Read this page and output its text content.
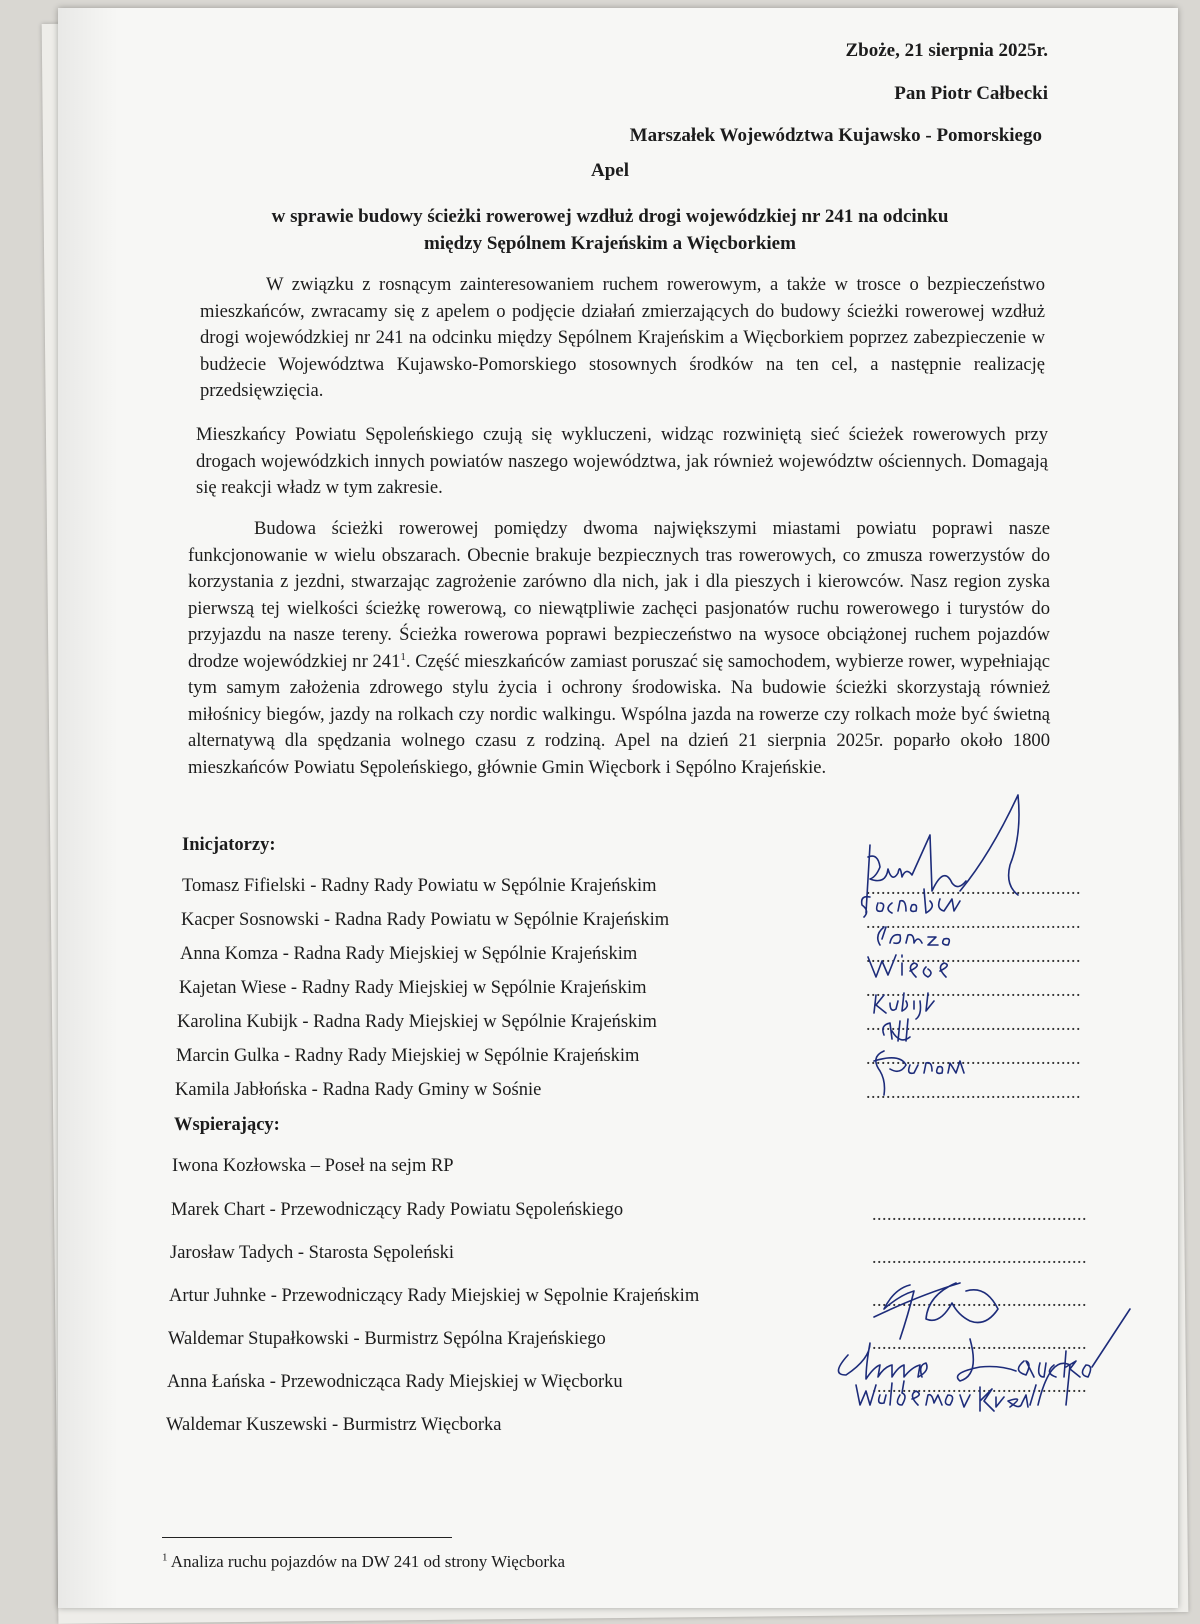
Zboże, 21 sierpnia 2025r.
Pan Piotr Całbecki
Marszałek Województwa Kujawsko - Pomorskiego
Apel
w sprawie budowy ścieżki rowerowej wzdłuż drogi wojewódzkiej nr 241 na odcinku
między Sępólnem Krajeńskim a Więcborkiem
W związku z rosnącym zainteresowaniem ruchem rowerowym, a także w trosce o bezpieczeństwo mieszkańców, zwracamy się z apelem o podjęcie działań zmierzających do budowy ścieżki rowerowej wzdłuż drogi wojewódzkiej nr 241 na odcinku między Sępólnem Krajeńskim a Więcborkiem poprzez zabezpieczenie w budżecie Województwa Kujawsko-Pomorskiego stosownych środków na ten cel, a następnie realizację przedsięwzięcia.
Mieszkańcy Powiatu Sępoleńskiego czują się wykluczeni, widząc rozwiniętą sieć ścieżek rowerowych przy drogach wojewódzkich innych powiatów naszego województwa, jak również województw ościennych. Domagają się reakcji władz w tym zakresie.
Budowa ścieżki rowerowej pomiędzy dwoma największymi miastami powiatu poprawi nasze funkcjonowanie w wielu obszarach. Obecnie brakuje bezpiecznych tras rowerowych, co zmusza rowerzystów do korzystania z jezdni, stwarzając zagrożenie zarówno dla nich, jak i dla pieszych i kierowców. Nasz region zyska pierwszą tej wielkości ścieżkę rowerową, co niewątpliwie zachęci pasjonatów ruchu rowerowego i turystów do przyjazdu na nasze tereny. Ścieżka rowerowa poprawi bezpieczeństwo na wysoce obciążonej ruchem pojazdów drodze wojewódzkiej nr $241^1$. Część mieszkańców zamiast poruszać się samochodem, wybierze rower, wypełniając tym samym założenia zdrowego stylu życia i ochrony środowiska. Na budowie ścieżki skorzystają również miłośnicy biegów, jazdy na rolkach czy nordic walkingu. Wspólna jazda na rowerze czy rolkach może być świetną alternatywą dla spędzania wolnego czasu z rodziną. Apel na dzień 21 sierpnia 2025r. poparło około 1800 mieszkańców Powiatu Sępoleńskiego, głównie Gmin Więcbork i Sępólno Krajeńskie.
Inicjatorzy:
Tomasz Fifielski - Radny Rady Powiatu w Sępólnie Krajeńskim
Kacper Sosnowski - Radna Rady Powiatu w Sępólnie Krajeńskim
Anna Komza - Radna Rady Miejskiej w Sępólnie Krajeńskim
Kajetan Wiese - Radny Rady Miejskiej w Sępólnie Krajeńskim
Karolina Kubijk - Radna Rady Miejskiej w Sępólnie Krajeńskim
Marcin Gulka - Radny Rady Miejskiej w Sępólnie Krajeńskim
Kamila Jabłońska - Radna Rady Gminy w Sośnie
...........................................
...........................................
...........................................
...........................................
...........................................
...........................................
...........................................
Wspierający:
Iwona Kozłowska – Poseł na sejm RP
Marek Chart - Przewodniczący Rady Powiatu Sępoleńskiego
Jarosław Tadych - Starosta Sępoleński
Artur Juhnke - Przewodniczący Rady Miejskiej w Sępolnie Krajeńskim
Waldemar Stupałkowski - Burmistrz Sępólna Krajeńskiego
Anna Łańska - Przewodnicząca Rady Miejskiej w Więcborku
Waldemar Kuszewski - Burmistrz Więcborka
...........................................
...........................................
...........................................
...........................................
...........................................
$^1$ Analiza ruchu pojazdów na DW 241 od strony Więcborka
